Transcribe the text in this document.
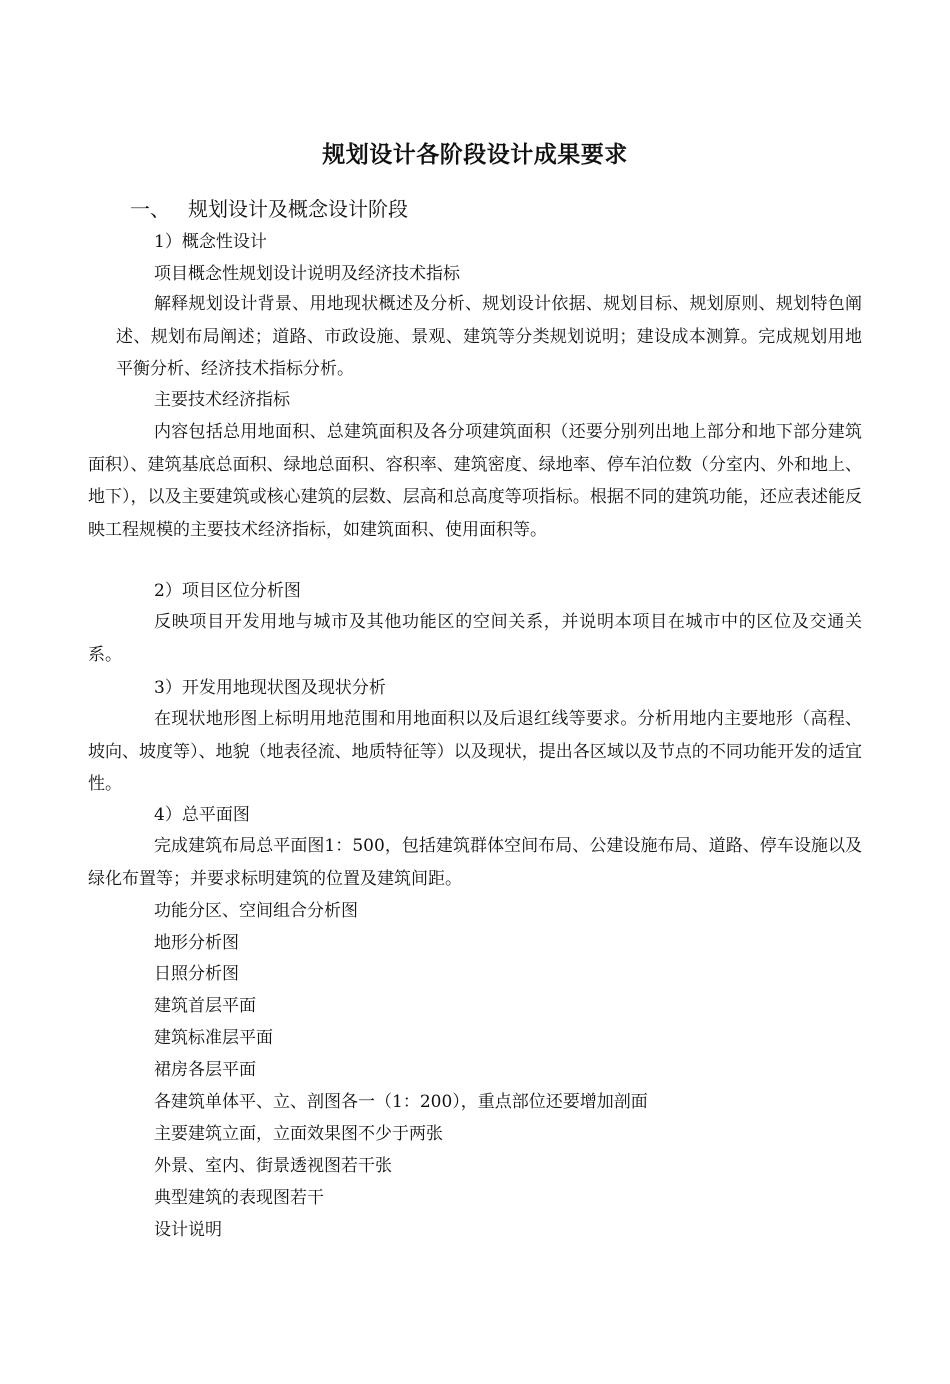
规划设计各阶段设计成果要求
一、 规划设计及概念设计阶段
1）概念性设计
项目概念性规划设计说明及经济技术指标
解释规划设计背景、用地现状概述及分析、规划设计依据、规划目标、规划原则、规划特色阐述、规划布局阐述；道路、市政设施、景观、建筑等分类规划说明；建设成本测算。完成规划用地平衡分析、经济技术指标分析。
主要技术经济指标
内容包括总用地面积、总建筑面积及各分项建筑面积（还要分别列出地上部分和地下部分建筑面积）、建筑基底总面积、绿地总面积、容积率、建筑密度、绿地率、停车泊位数（分室内、外和地上、地下），以及主要建筑或核心建筑的层数、层高和总高度等项指标。根据不同的建筑功能，还应表述能反映工程规模的主要技术经济指标，如建筑面积、使用面积等。
2）项目区位分析图
反映项目开发用地与城市及其他功能区的空间关系，并说明本项目在城市中的区位及交通关系。
3）开发用地现状图及现状分析
在现状地形图上标明用地范围和用地面积以及后退红线等要求。分析用地内主要地形（高程、坡向、坡度等）、地貌（地表径流、地质特征等）以及现状，提出各区域以及节点的不同功能开发的适宜性。
4）总平面图
完成建筑布局总平面图1：500，包括建筑群体空间布局、公建设施布局、道路、停车设施以及绿化布置等；并要求标明建筑的位置及建筑间距。
功能分区、空间组合分析图
地形分析图
日照分析图
建筑首层平面
建筑标准层平面
裙房各层平面
各建筑单体平、立、剖图各一（1：200），重点部位还要增加剖面
主要建筑立面，立面效果图不少于两张
外景、室内、街景透视图若干张
典型建筑的表现图若干
设计说明
